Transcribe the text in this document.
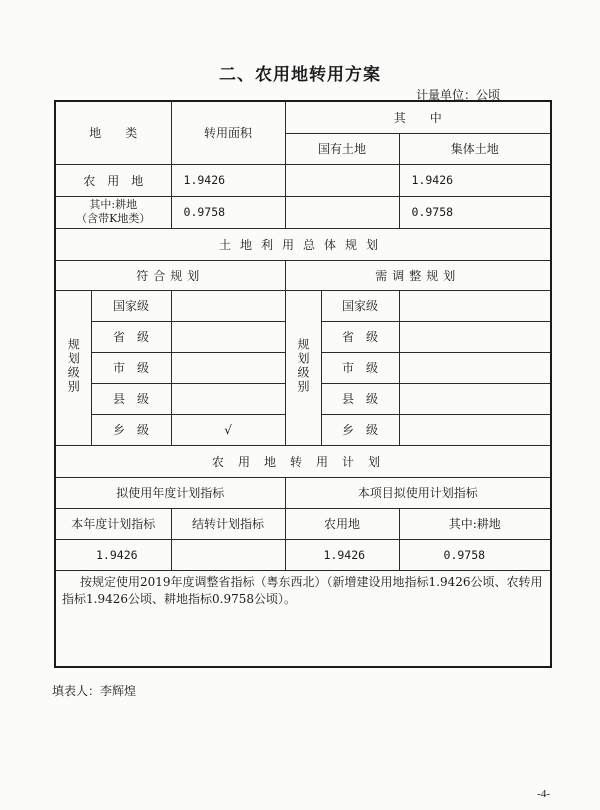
二、农用地转用方案
计量单位：公顷
地　　类		转用面积	其　　中		
			国有土地		集体土地
农　用　地		1.9426			1.9426

其中:耕地
（含带K地类）		0.9758			0.9758
土地利用总体规划					
符合规划			需调整规划		
规划级别	国家级		规划级别	国家级	
	省　级			省　级	
	市　级			市　级	
	县　级			县　级	
	乡　级	√		乡　级	
农用地转用计划					
拟使用年度计划指标			本项目拟使用计划指标		
本年度计划指标		结转计划指标	农用地		其中:耕地
1.9426			1.9426		0.9758
按规定使用2019年度调整省指标（粤东西北）（新增建设用地指标1.9426公顷、农转用指标1.9426公顷、耕地指标0.9758公顷）。					
填表人：李辉煌
-4-
